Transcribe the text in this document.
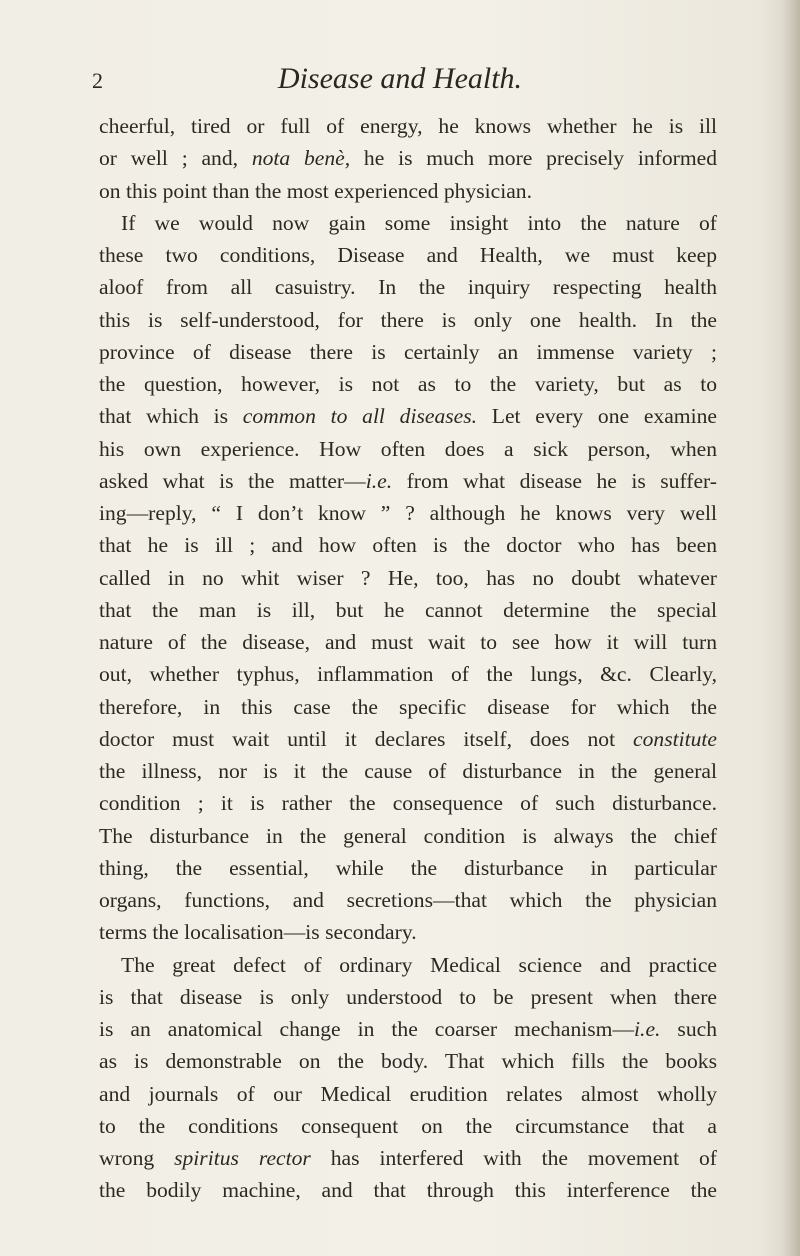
2	Disease and Health.
cheerful, tired or full of energy, he knows whether he is ill
or well ; and, nota benè, he is much more precisely informed
on this point than the most experienced physician.
If we would now gain some insight into the nature of
these two conditions, Disease and Health, we must keep
aloof from all casuistry. In the inquiry respecting health
this is self-understood, for there is only one health. In the
province of disease there is certainly an immense variety ;
the question, however, is not as to the variety, but as to
that which is common to all diseases. Let every one examine
his own experience. How often does a sick person, when
asked what is the matter—i.e. from what disease he is suffer-
ing—reply, “ I don’t know ” ? although he knows very well
that he is ill ; and how often is the doctor who has been
called in no whit wiser ? He, too, has no doubt whatever
that the man is ill, but he cannot determine the special
nature of the disease, and must wait to see how it will turn
out, whether typhus, inflammation of the lungs, &c. Clearly,
therefore, in this case the specific disease for which the
doctor must wait until it declares itself, does not constitute
the illness, nor is it the cause of disturbance in the general
condition ; it is rather the consequence of such disturbance.
The disturbance in the general condition is always the chief
thing, the essential, while the disturbance in particular
organs, functions, and secretions—that which the physician
terms the localisation—is secondary.
The great defect of ordinary Medical science and practice
is that disease is only understood to be present when there
is an anatomical change in the coarser mechanism—i.e. such
as is demonstrable on the body. That which fills the books
and journals of our Medical erudition relates almost wholly
to the conditions consequent on the circumstance that a
wrong spiritus rector has interfered with the movement of
the bodily machine, and that through this interference the
